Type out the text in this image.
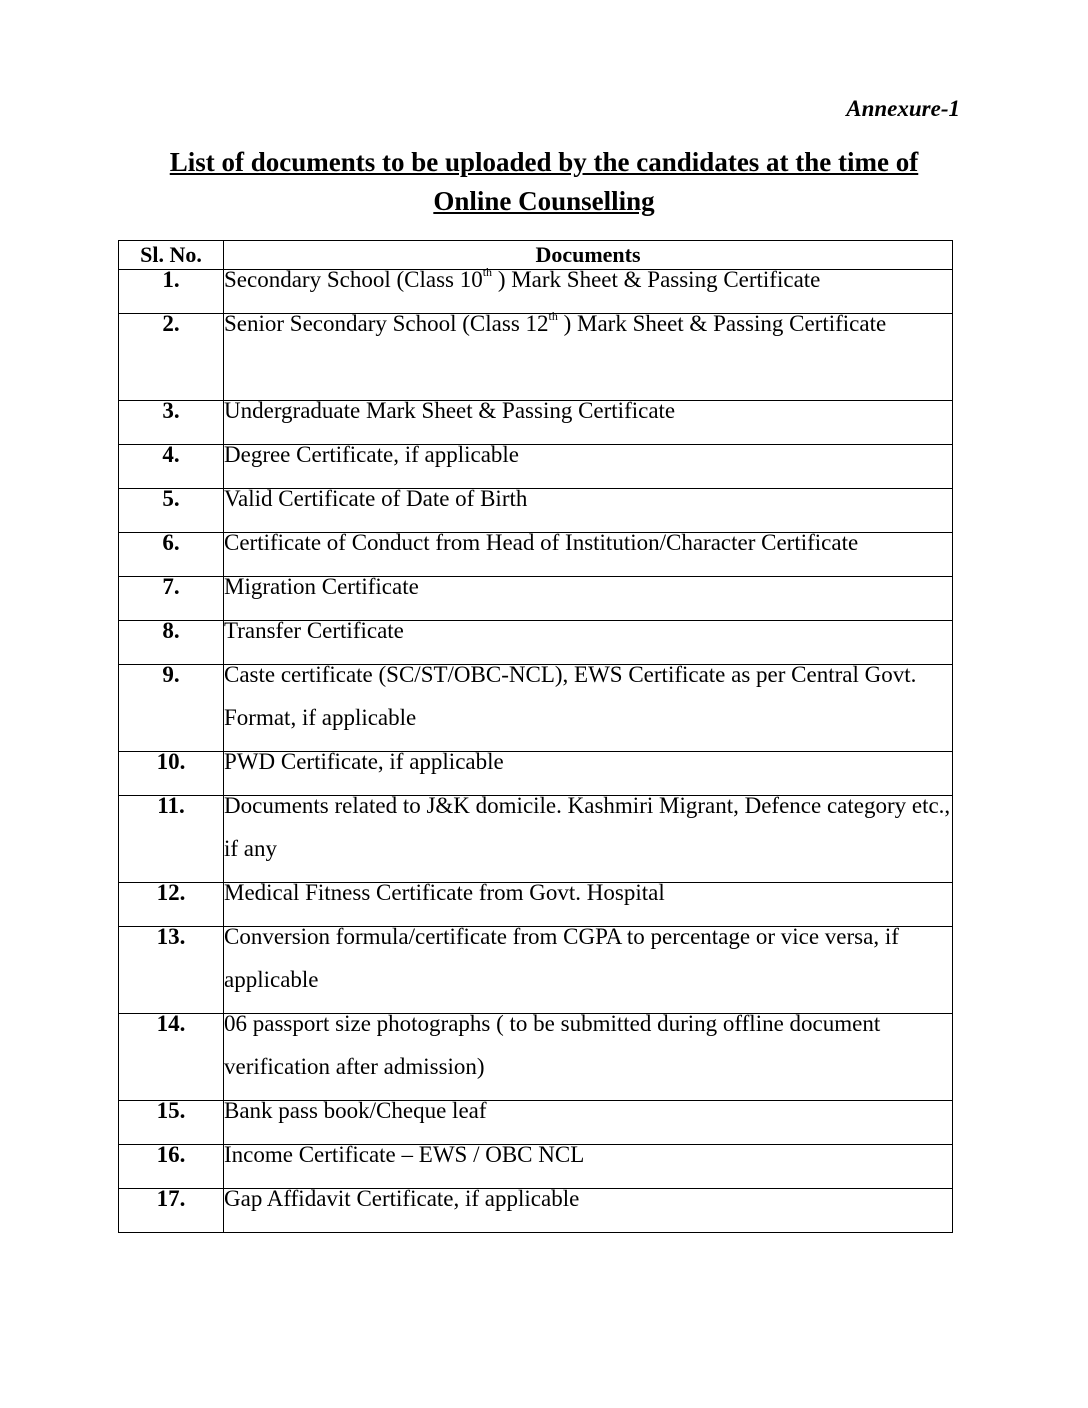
Annexure-1
List of documents to be uploaded by the candidates at the time of
Online Counselling
Sl. No.	Documents

1.	Secondary School (Class 10th ) Mark Sheet & Passing Certificate

2.	Senior Secondary School (Class 12th ) Mark Sheet & Passing Certificate

3.	Undergraduate Mark Sheet & Passing Certificate

4.	Degree Certificate, if applicable

5.	Valid Certificate of Date of Birth

6.	Certificate of Conduct from Head of Institution/Character Certificate

7.	Migration Certificate

8.	Transfer Certificate

9.	Caste certificate (SC/ST/OBC-NCL), EWS Certificate as per Central Govt. Format, if applicable

10.	PWD Certificate, if applicable

11.	Documents related to J&K domicile. Kashmiri Migrant, Defence category etc., if any

12.	Medical Fitness Certificate from Govt. Hospital

13.	Conversion formula/certificate from CGPA to percentage or vice versa, if applicable

14.	06 passport size photographs ( to be submitted during offline document verification after admission)

15.	Bank pass book/Cheque leaf

16.	Income Certificate – EWS / OBC NCL

17.	Gap Affidavit Certificate, if applicable
